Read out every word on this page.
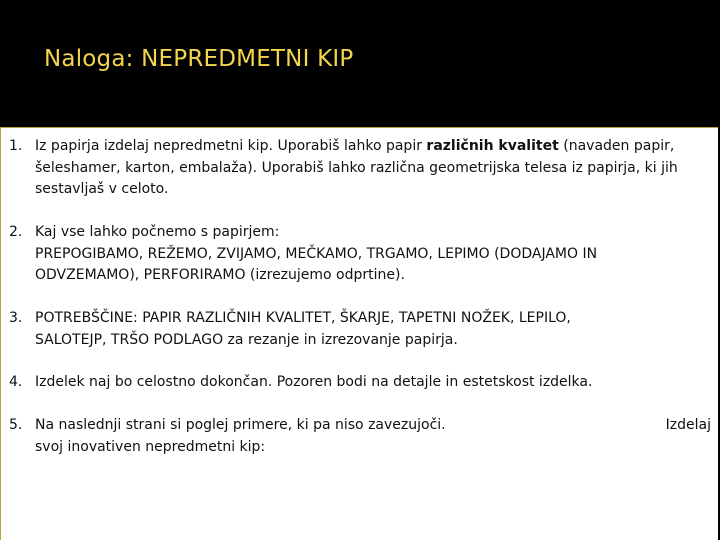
Naloga: NEPREDMETNI KIP
1. Iz papirja izdelaj nepredmetni kip. Uporabiš lahko papir različnih kvalitet (navaden papir,
šeleshamer, karton, embalaža). Uporabiš lahko različna geometrijska telesa iz papirja, ki jih
sestavljaš v celoto.
2. Kaj vse lahko počnemo s papirjem:
PREPOGIBAMO, REŽEMO, ZVIJAMO, MEČKAMO, TRGAMO, LEPIMO (DODAJAMO IN
ODVZEMAMO), PERFORIRAMO (izrezujemo odprtine).
3. POTREBŠČINE: PAPIR RAZLIČNIH KVALITET, ŠKARJE, TAPETNI NOŽEK, LEPILO,
SALOTEJP, TRŠO PODLAGO za rezanje in izrezovanje papirja.
4. Izdelek naj bo celostno dokončan. Pozoren bodi na detajle in estetskost izdelka.
5. Na naslednji strani si poglej primere, ki pa niso zavezujoči.
svoj inovativen nepredmetni kip:
Izdelaj
